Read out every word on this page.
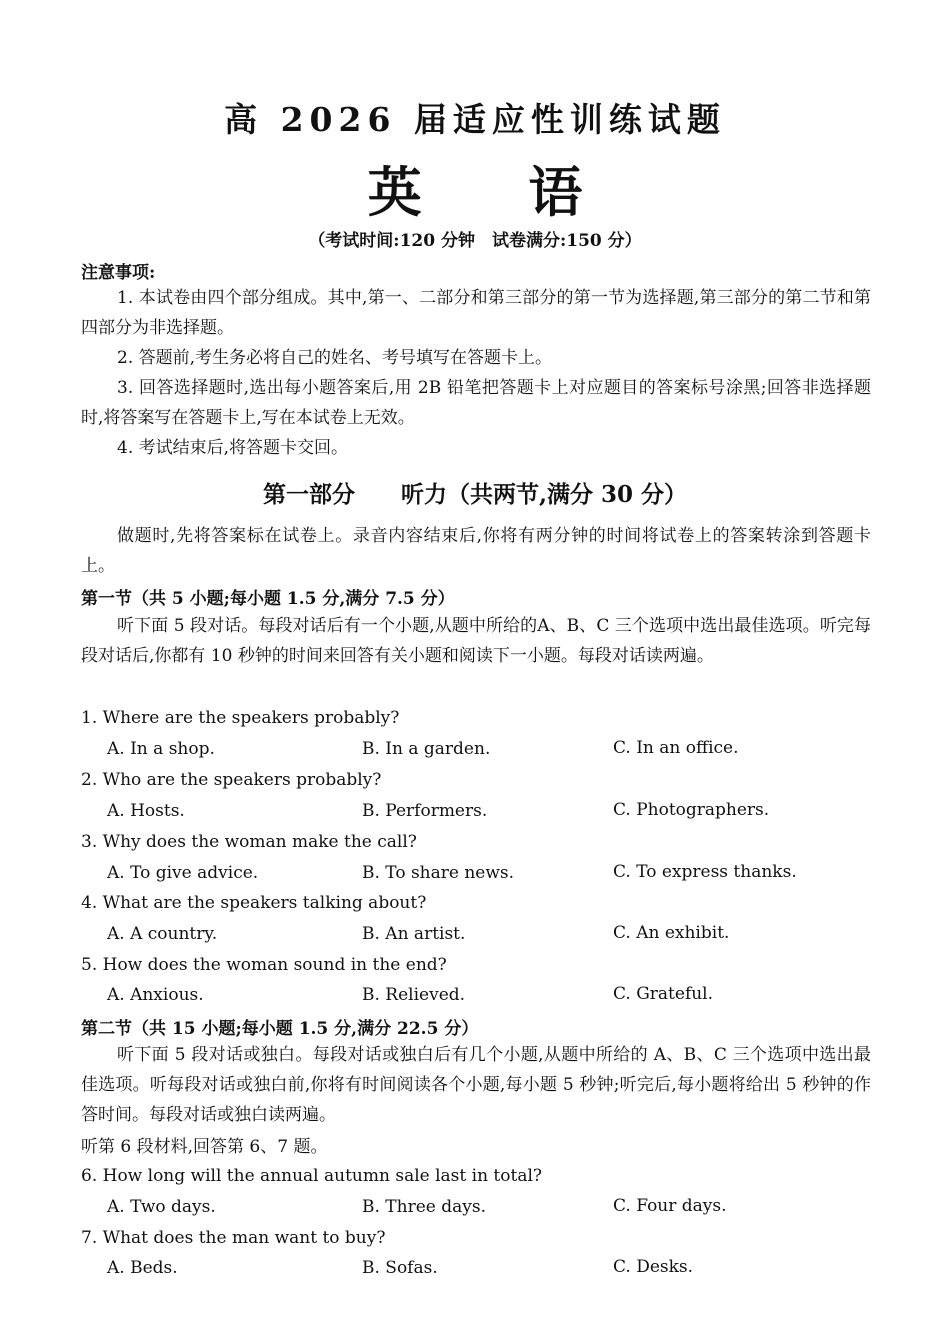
高 2026 届适应性训练试题
英 语
（考试时间:120 分钟　试卷满分:150 分）
注意事项:
1. 本试卷由四个部分组成。其中,第一、二部分和第三部分的第一节为选择题,第三部分的第二节和第四部分为非选择题。
2. 答题前,考生务必将自己的姓名、考号填写在答题卡上。
3. 回答选择题时,选出每小题答案后,用 2B 铅笔把答题卡上对应题目的答案标号涂黑;回答非选择题时,将答案写在答题卡上,写在本试卷上无效。
4. 考试结束后,将答题卡交回。
第一部分　　听力（共两节,满分 30 分）
做题时,先将答案标在试卷上。录音内容结束后,你将有两分钟的时间将试卷上的答案转涂到答题卡上。
第一节（共 5 小题;每小题 1.5 分,满分 7.5 分）
听下面 5 段对话。每段对话后有一个小题,从题中所给的A、B、C 三个选项中选出最佳选项。听完每段对话后,你都有 10 秒钟的时间来回答有关小题和阅读下一小题。每段对话读两遍。
1. Where are the speakers probably?
A. In a shop.	B. In a garden.	C. In an office.
2. Who are the speakers probably?
A. Hosts.	B. Performers.	C. Photographers.
3. Why does the woman make the call?
A. To give advice.	B. To share news.	C. To express thanks.
4. What are the speakers talking about?
A. A country.	B. An artist.	C. An exhibit.
5. How does the woman sound in the end?
A. Anxious.	B. Relieved.	C. Grateful.
第二节（共 15 小题;每小题 1.5 分,满分 22.5 分）
听下面 5 段对话或独白。每段对话或独白后有几个小题,从题中所给的 A、B、C 三个选项中选出最佳选项。听每段对话或独白前,你将有时间阅读各个小题,每小题 5 秒钟;听完后,每小题将给出 5 秒钟的作答时间。每段对话或独白读两遍。
听第 6 段材料,回答第 6、7 题。
6. How long will the annual autumn sale last in total?
A. Two days.	B. Three days.	C. Four days.
7. What does the man want to buy?
A. Beds.	B. Sofas.	C. Desks.
